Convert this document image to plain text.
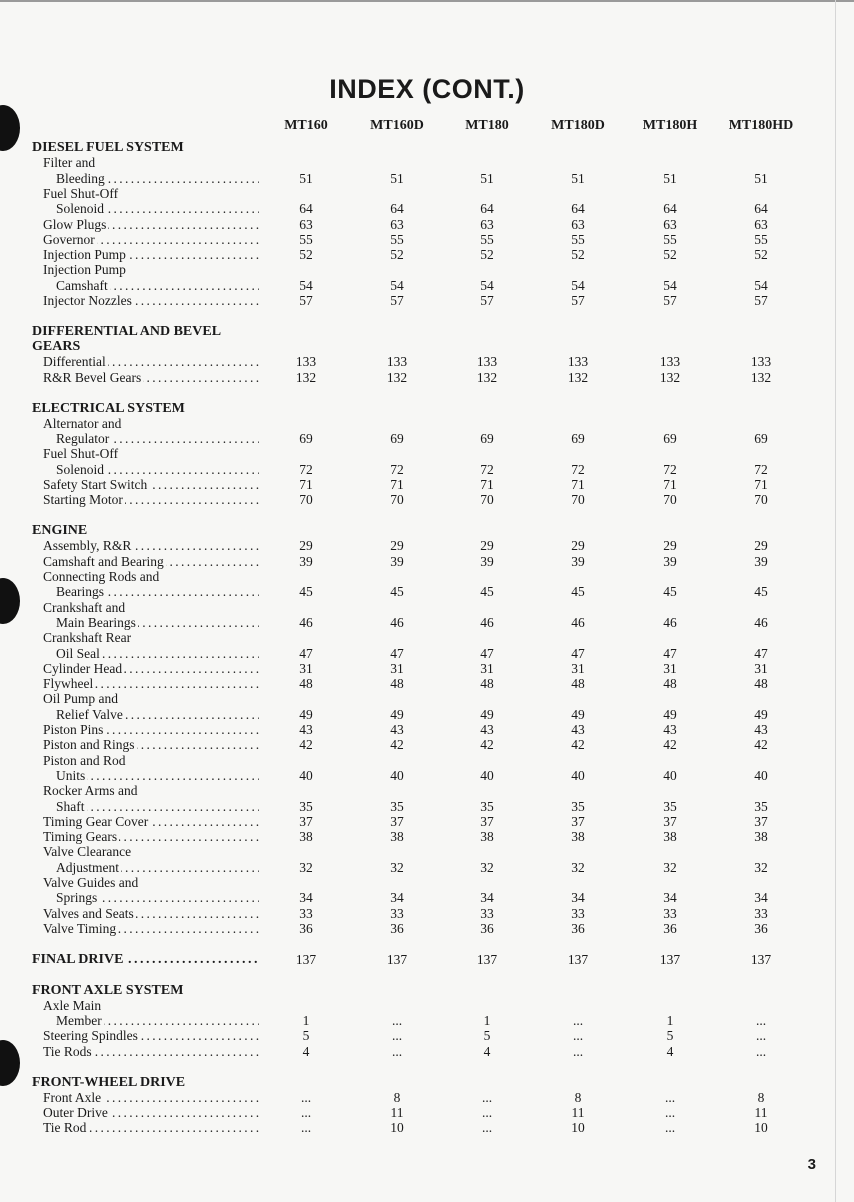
INDEX (CONT.)
MT160	MT160D	MT180	MT180D	MT180H	MT180HD
DIESEL FUEL SYSTEM
Filter and
Bleeding . . .	51	51	51	51	51	51
Fuel Shut-Off
Solenoid . . .	64	64	64	64	64	64
Glow Plugs . . .	63	63	63	63	63	63
Governor . . .	55	55	55	55	55	55
Injection Pump . . .	52	52	52	52	52	52
Injection Pump
Camshaft . . .	54	54	54	54	54	54
Injector Nozzles . . .	57	57	57	57	57	57
DIFFERENTIAL AND BEVEL
GEARS
Differential . . .	133	133	133	133	133	133
R&R Bevel Gears . . .	132	132	132	132	132	132
ELECTRICAL SYSTEM
Alternator and
Regulator . . .	69	69	69	69	69	69
Fuel Shut-Off
Solenoid . . .	72	72	72	72	72	72
Safety Start Switch . . .	71	71	71	71	71	71
Starting Motor . . .	70	70	70	70	70	70
ENGINE
Assembly, R&R . . .	29	29	29	29	29	29
Camshaft and Bearing . . .	39	39	39	39	39	39
Connecting Rods and
Bearings . . .	45	45	45	45	45	45
Crankshaft and
Main Bearings . . .	46	46	46	46	46	46
Crankshaft Rear
Oil Seal . . .	47	47	47	47	47	47
Cylinder Head . . .	31	31	31	31	31	31
Flywheel . . .	48	48	48	48	48	48
Oil Pump and
Relief Valve . . .	49	49	49	49	49	49
Piston Pins . . .	43	43	43	43	43	43
Piston and Rings . . .	42	42	42	42	42	42
Piston and Rod
Units . . .	40	40	40	40	40	40
Rocker Arms and
Shaft . . .	35	35	35	35	35	35
Timing Gear Cover . . .	37	37	37	37	37	37
Timing Gears . . .	38	38	38	38	38	38
Valve Clearance
Adjustment . . .	32	32	32	32	32	32
Valve Guides and
Springs . . .	34	34	34	34	34	34
Valves and Seats . . .	33	33	33	33	33	33
Valve Timing . . .	36	36	36	36	36	36
FINAL DRIVE . . .	137	137	137	137	137	137
FRONT AXLE SYSTEM
Axle Main
Member . . .	1	...	1	...	1	...
Steering Spindles . . .	5	...	5	...	5	...
Tie Rods . . .	4	...	4	...	4	...
FRONT-WHEEL DRIVE
Front Axle . . .	...	8	...	8	...	8
Outer Drive . . .	...	11	...	11	...	11
Tie Rod . . .	...	10	...	10	...	10
3
